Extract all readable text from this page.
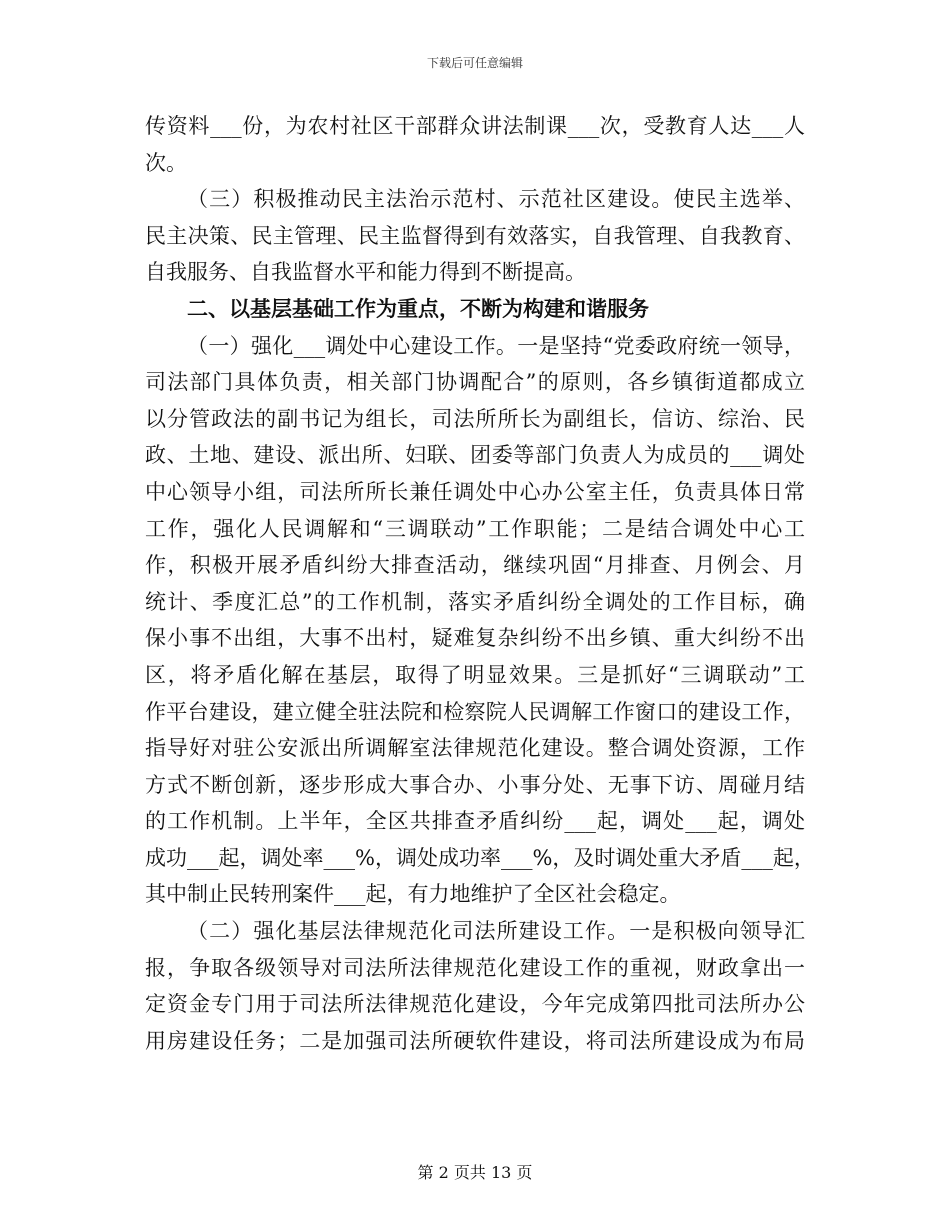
下载后可任意编辑
传资料___份，为农村社区干部群众讲法制课___次，受教育人达___人
次。
（三）积极推动民主法治示范村、示范社区建设。使民主选举、
民主决策、民主管理、民主监督得到有效落实，自我管理、自我教育、
自我服务、自我监督水平和能力得到不断提高。
二、以基层基础工作为重点，不断为构建和谐服务
（一）强化___调处中心建设工作。一是坚持“党委政府统一领导，
司法部门具体负责，相关部门协调配合”的原则，各乡镇街道都成立
以分管政法的副书记为组长，司法所所长为副组长，信访、综治、民
政、土地、建设、派出所、妇联、团委等部门负责人为成员的___调处
中心领导小组，司法所所长兼任调处中心办公室主任，负责具体日常
工作，强化人民调解和“三调联动”工作职能；二是结合调处中心工
作，积极开展矛盾纠纷大排查活动，继续巩固“月排查、月例会、月
统计、季度汇总”的工作机制，落实矛盾纠纷全调处的工作目标，确
保小事不出组，大事不出村，疑难复杂纠纷不出乡镇、重大纠纷不出
区，将矛盾化解在基层，取得了明显效果。三是抓好“三调联动”工
作平台建设，建立健全驻法院和检察院人民调解工作窗口的建设工作，
指导好对驻公安派出所调解室法律规范化建设。整合调处资源，工作
方式不断创新，逐步形成大事合办、小事分处、无事下访、周碰月结
的工作机制。上半年，全区共排查矛盾纠纷___起，调处___起，调处
成功___起，调处率___%，调处成功率___%，及时调处重大矛盾___起，
其中制止民转刑案件___起，有力地维护了全区社会稳定。
（二）强化基层法律规范化司法所建设工作。一是积极向领导汇
报，争取各级领导对司法所法律规范化建设工作的重视，财政拿出一
定资金专门用于司法所法律规范化建设，今年完成第四批司法所办公
用房建设任务；二是加强司法所硬软件建设，将司法所建设成为布局
第 2 页共 13 页
